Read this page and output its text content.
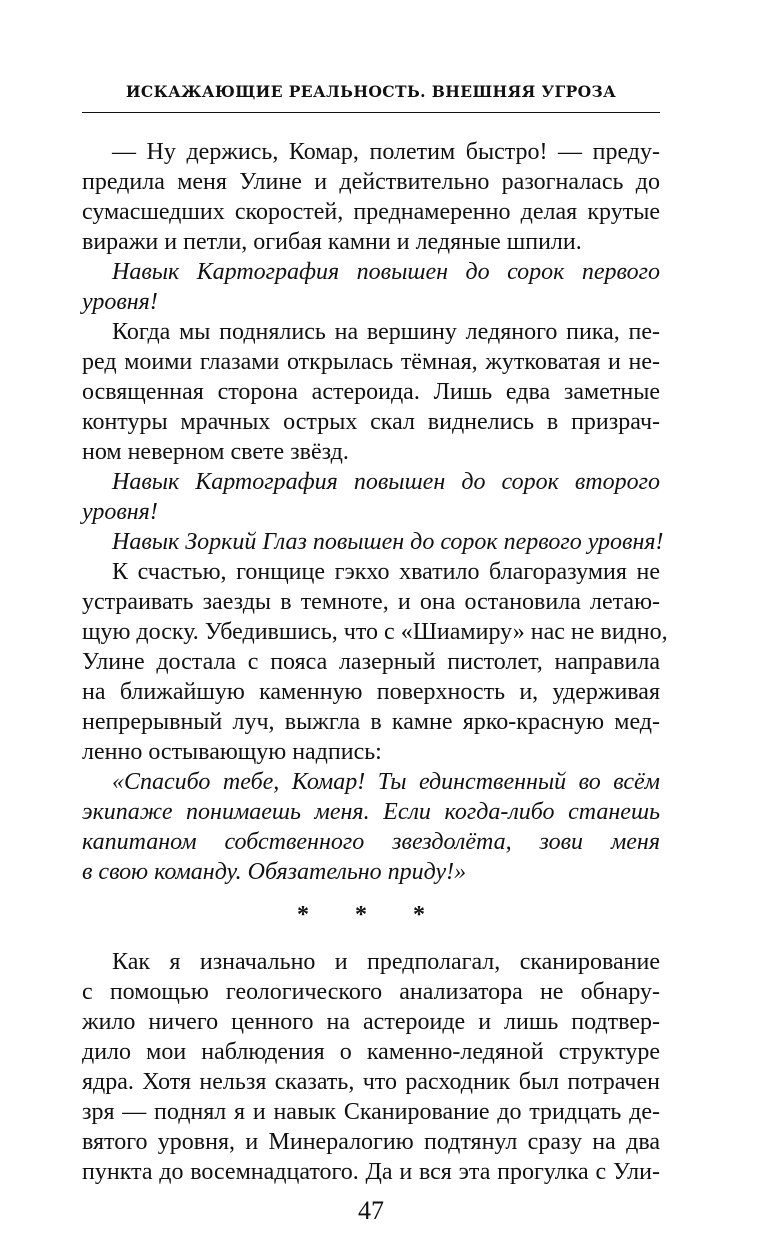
ИСКАЖАЮЩИЕ РЕАЛЬНОСТЬ. ВНЕШНЯЯ УГРОЗА
— Ну держись, Комар, полетим быстро! — преду-
предила меня Улине и действительно разогналась до
сумасшедших скоростей, преднамеренно делая крутые
виражи и петли, огибая камни и ледяные шпили.
Навык Картография повышен до сорок первого
уровня!
Когда мы поднялись на вершину ледяного пика, пе-
ред моими глазами открылась тёмная, жутковатая и не-
освященная сторона астероида. Лишь едва заметные
контуры мрачных острых скал виднелись в призрач-
ном неверном свете звёзд.
Навык Картография повышен до сорок второго
уровня!
Навык Зоркий Глаз повышен до сорок первого уровня!
К счастью, гонщице гэкхо хватило благоразумия не
устраивать заезды в темноте, и она остановила летаю-
щую доску. Убедившись, что с «Шиамиру» нас не видно,
Улине достала с пояса лазерный пистолет, направила
на ближайшую каменную поверхность и, удерживая
непрерывный луч, выжгла в камне ярко-красную мед-
ленно остывающую надпись:
«Спасибо тебе, Комар! Ты единственный во всём
экипаже понимаешь меня. Если когда-либо станешь
капитаном собственного звездолёта, зови меня
в свою команду. Обязательно приду!»
* * *
Как я изначально и предполагал, сканирование
с помощью геологического анализатора не обнару-
жило ничего ценного на астероиде и лишь подтвер-
дило мои наблюдения о каменно-ледяной структуре
ядра. Хотя нельзя сказать, что расходник был потрачен
зря — поднял я и навык Сканирование до тридцать де-
вятого уровня, и Минералогию подтянул сразу на два
пункта до восемнадцатого. Да и вся эта прогулка с Ули-
47
